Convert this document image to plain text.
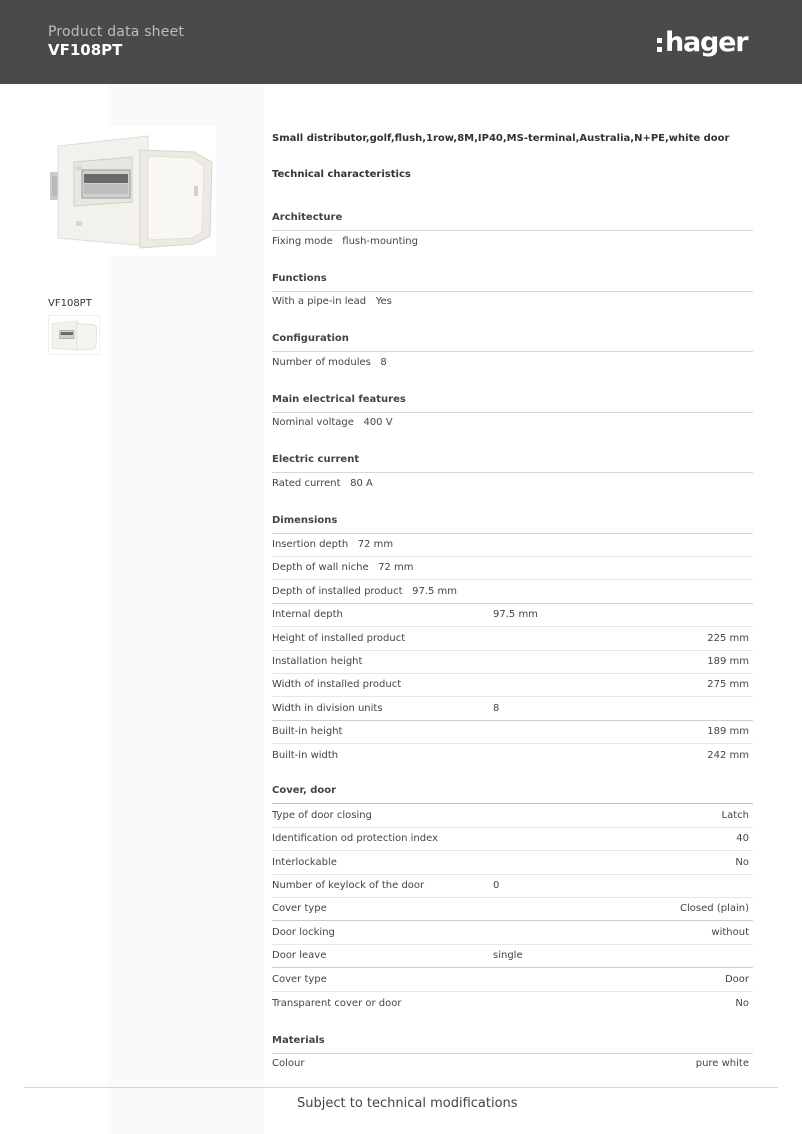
Product data sheet
VF108PT	hager
VF108PT
Small distributor,golf,flush,1row,8M,IP40,MS-terminal,Australia,N+PE,white door
Technical characteristics
Architecture
Fixing mode flush-mounting
Functions
With a pipe-in lead Yes
Configuration
Number of modules 8
Main electrical features
Nominal voltage 400 V
Electric current
Rated current 80 A
Dimensions
Insertion depth 72 mm
Depth of wall niche 72 mm
Depth of installed product 97.5 mm
Internal depth	97.5 mm
Height of installed product	225 mm
Installation height	189 mm
Width of installed product	275 mm
Width in division units	8
Built-in height	189 mm
Built-in width	242 mm
Cover, door
Type of door closing	Latch
Identification od protection index	40
Interlockable	No
Number of keylock of the door	0
Cover type	Closed (plain)
Door locking	without
Door leave	single
Cover type	Door
Transparent cover or door	No
Materials
Colour	pure white
Subject to technical modifications
